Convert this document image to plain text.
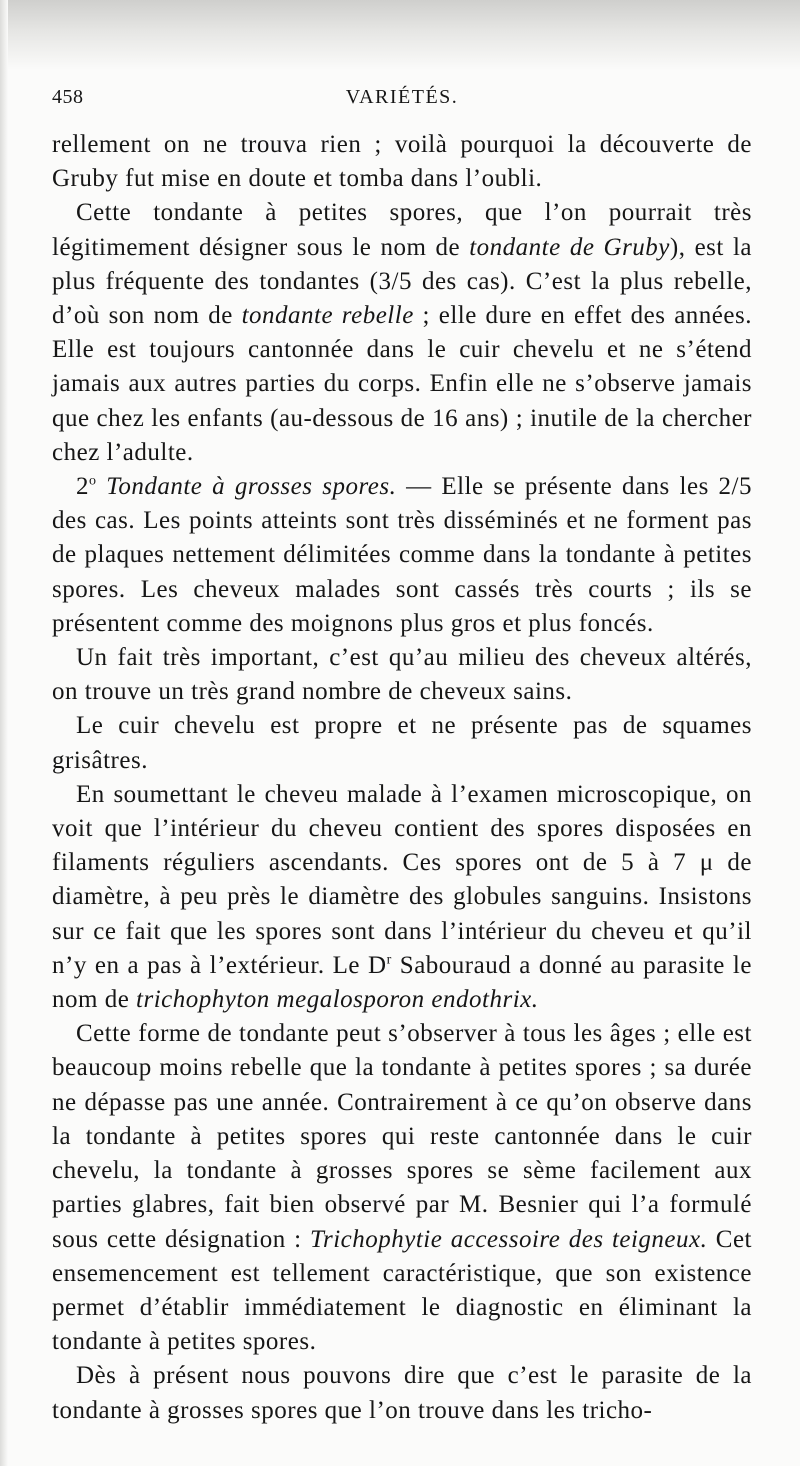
458	VARIÉTÉS.

rellement on ne trouva rien ; voilà pourquoi la découverte de Gruby fut mise en doute et tomba dans l’oubli.

Cette tondante à petites spores, que l’on pourrait très légitimement désigner sous le nom de tondante de Gruby), est la plus fréquente des tondantes (3/5 des cas). C’est la plus rebelle, d’où son nom de tondante rebelle ; elle dure en effet des années. Elle est toujours cantonnée dans le cuir chevelu et ne s’étend jamais aux autres parties du corps. Enfin elle ne s’observe jamais que chez les enfants (au-dessous de 16 ans) ; inutile de la chercher chez l’adulte.

2$^o$ Tondante à grosses spores. — Elle se présente dans les 2/5 des cas. Les points atteints sont très disséminés et ne forment pas de plaques nettement délimitées comme dans la tondante à petites spores. Les cheveux malades sont cassés très courts ; ils se présentent comme des moignons plus gros et plus foncés.

Un fait très important, c’est qu’au milieu des cheveux altérés, on trouve un très grand nombre de cheveux sains.

Le cuir chevelu est propre et ne présente pas de squames grisâtres.

En soumettant le cheveu malade à l’examen microscopique, on voit que l’intérieur du cheveu contient des spores disposées en filaments réguliers ascendants. Ces spores ont de 5 à 7 μ de diamètre, à peu près le diamètre des globules sanguins. Insistons sur ce fait que les spores sont dans l’intérieur du cheveu et qu’il n’y en a pas à l’extérieur. Le $D^r$ Sabouraud a donné au parasite le nom de trichophyton megalosporon endothrix.

Cette forme de tondante peut s’observer à tous les âges ; elle est beaucoup moins rebelle que la tondante à petites spores ; sa durée ne dépasse pas une année. Contrairement à ce qu’on observe dans la tondante à petites spores qui reste cantonnée dans le cuir chevelu, la tondante à grosses spores se sème facilement aux parties glabres, fait bien observé par M. Besnier qui l’a formulé sous cette désignation : Trichophytie accessoire des teigneux. Cet ensemencement est tellement caractéristique, que son existence permet d’établir immédiatement le diagnostic en éliminant la tondante à petites spores.

Dès à présent nous pouvons dire que c’est le parasite de la tondante à grosses spores que l’on trouve dans les tricho-
